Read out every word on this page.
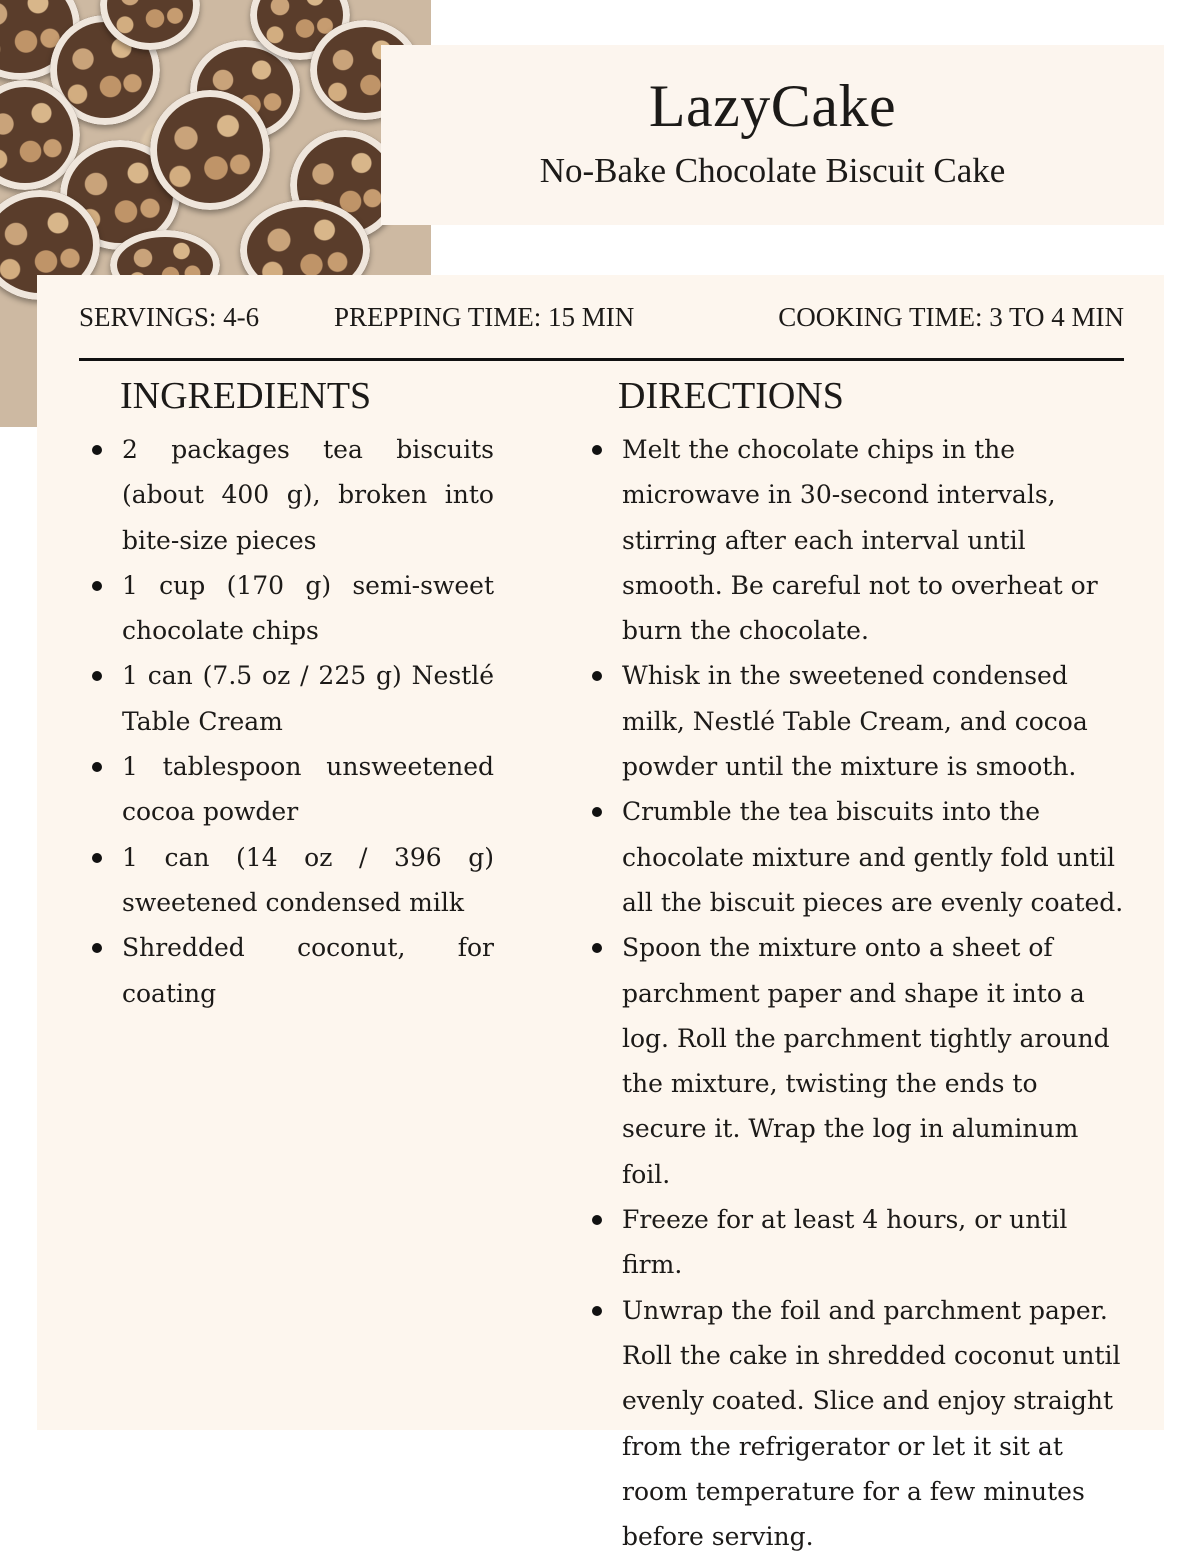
LazyCake
No-Bake Chocolate Biscuit Cake
SERVINGS: 4-6	PREPPING TIME: 15 MIN	COOKING TIME: 3 TO 4 MIN
INGREDIENTS
2 packages tea biscuits (about 400 g), broken into bite-size pieces
1 cup (170 g) semi-sweet chocolate chips
1 can (7.5 oz / 225 g) Nestlé Table Cream
1 tablespoon unsweetened cocoa powder
1 can (14 oz / 396 g) sweetened condensed milk
Shredded coconut, for coating
DIRECTIONS
Melt the chocolate chips in the microwave in 30-second intervals, stirring after each interval until smooth. Be careful not to overheat or burn the chocolate.
Whisk in the sweetened condensed milk, Nestlé Table Cream, and cocoa powder until the mixture is smooth.
Crumble the tea biscuits into the chocolate mixture and gently fold until all the biscuit pieces are evenly coated.
Spoon the mixture onto a sheet of parchment paper and shape it into a log. Roll the parchment tightly around the mixture, twisting the ends to secure it. Wrap the log in aluminum foil.
Freeze for at least 4 hours, or until firm.
Unwrap the foil and parchment paper. Roll the cake in shredded coconut until evenly coated. Slice and enjoy straight from the refrigerator or let it sit at room temperature for a few minutes before serving.
